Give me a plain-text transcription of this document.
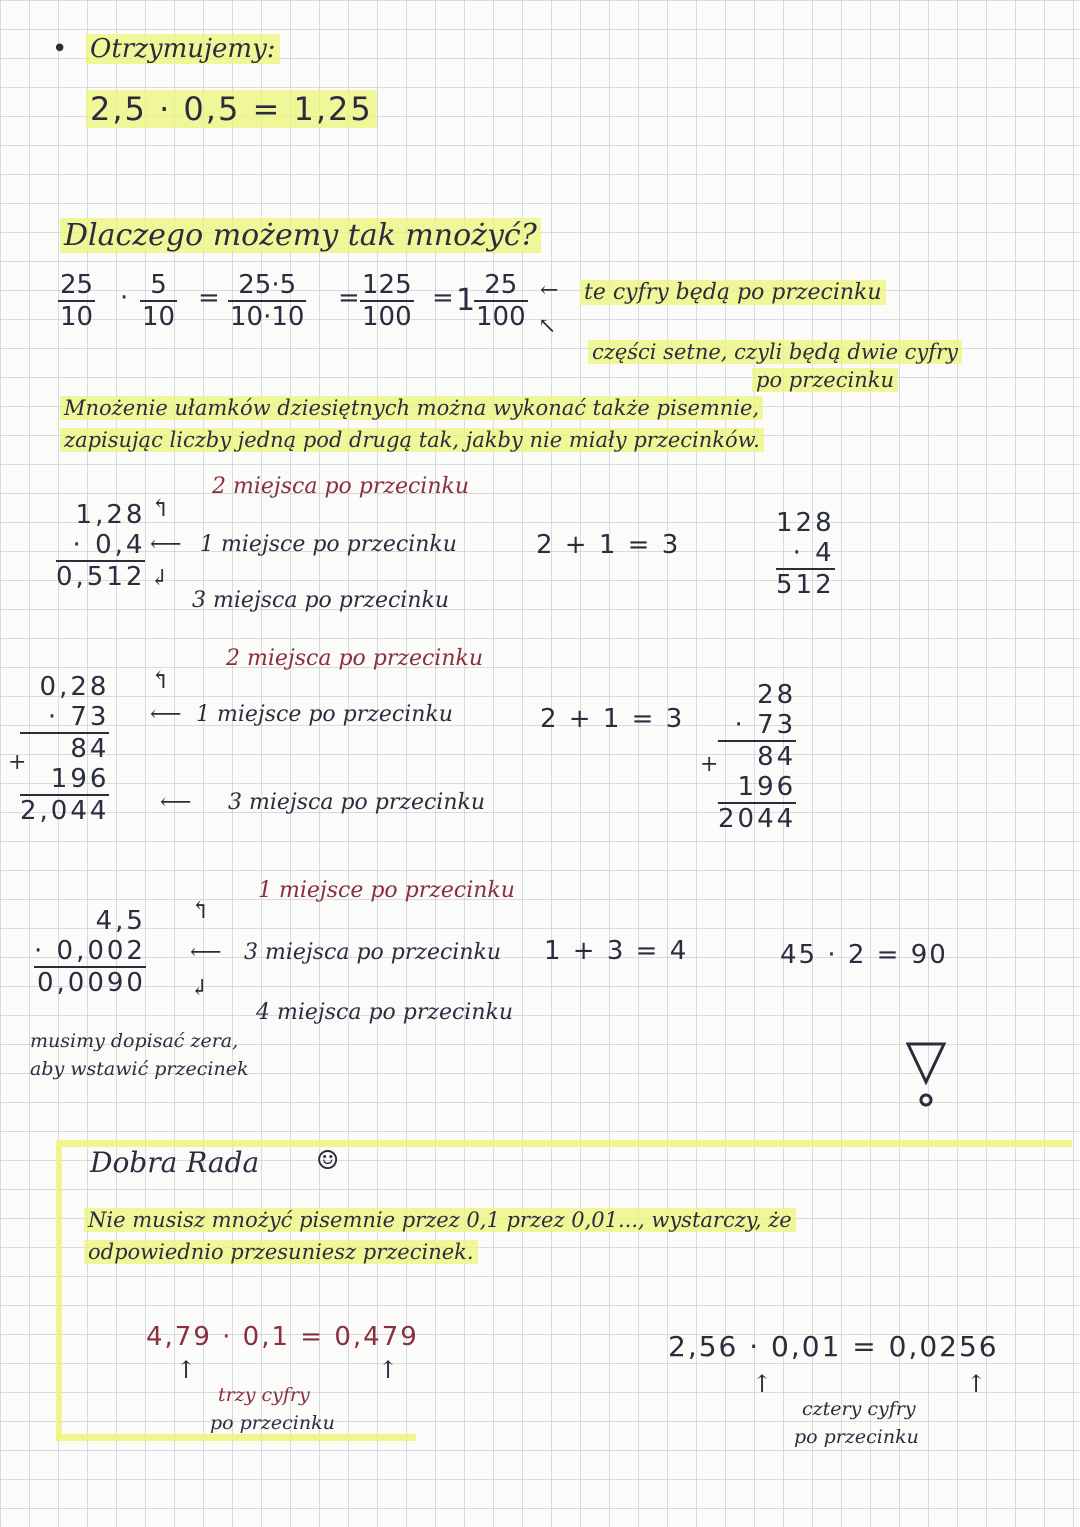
• Otrzymujemy:
2,5 · 0,5 = 1,25
Dlaczego możemy tak mnożyć?
$\frac{25}{10} \cdot \frac{5}{10} = \frac{25\cdot 5}{10\cdot 10} = \frac{125}{100} = 1$
$\frac{25}{100}$ ← te cyfry będą po przecinku
↖
części setne, czyli będą dwie cyfry
po przecinku
Mnożenie ułamków dziesiętnych można wykonać także pisemnie,
zapisując liczby jedną pod drugą tak, jakby nie miały przecinków.
1,28
· 0,4
0,512
↰
2 miejsca po przecinku
⟵ 1 miejsce po przecinku
↲
3 miejsca po przecinku
2 + 1 = 3
128
· 4
512
0,28
· 73
84
196
2,044
+
↰
2 miejsca po przecinku
⟵ 1 miejsce po przecinku
⟵ 3 miejsca po przecinku
2 + 1 = 3
28
· 73
84
196
2044
+
4,5
· 0,002
0,0090
↰
1 miejsce po przecinku
⟵ 3 miejsca po przecinku
↲
4 miejsca po przecinku
1 + 3 = 4	45 · 2 = 90
musimy dopisać zera,
aby wstawić przecinek
Dobra Rada ☺
Nie musisz mnożyć pisemnie przez 0,1 przez 0,01..., wystarczy, że
odpowiednio przesuniesz przecinek.
4,79 · 0,1 = 0,479
↑	↑
trzy cyfry
po przecinku
2,56 · 0,01 = 0,0256
↑	↑
cztery cyfry
po przecinku
